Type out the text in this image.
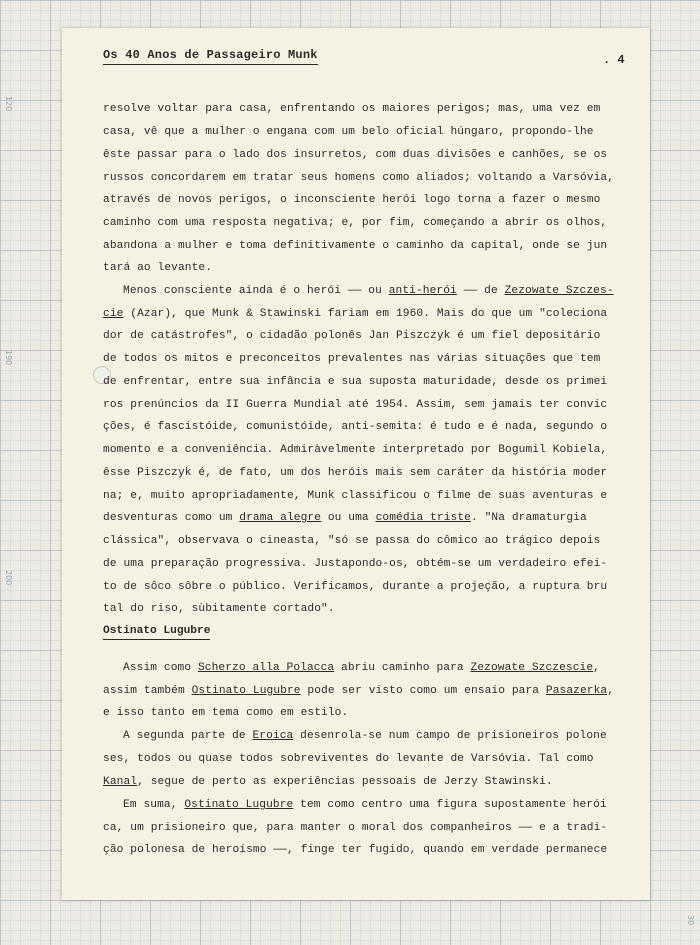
120
190
200
30
Os 40 Anos de Passageiro Munk	. 4
resolve voltar para casa, enfrentando os maiores perigos; mas, uma vez em
casa, vê que a mulher o engana com um belo oficial húngaro, propondo-lhe
êste passar para o lado dos insurretos, com duas divisões e canhões, se os
russos concordarem em tratar seus homens como aliados; voltando a Varsóvia,
através de novos perigos, o inconsciente herói logo torna a fazer o mesmo
caminho com uma resposta negativa; e, por fim, começando a abrir os olhos,
abandona a mulher e toma definitivamente o caminho da capital, onde se jun
tará ao levante.
Menos consciente ainda é o herói —— ou anti-herói —— de Zezowate Szczes-
cie (Azar), que Munk & Stawinski fariam em 1960. Mais do que um "coleciona
dor de catástrofes", o cidadão polonês Jan Piszczyk é um fiel depositário
de todos os mitos e preconceitos prevalentes nas várias situações que tem
de enfrentar, entre sua infância e sua suposta maturidade, desde os primei
ros prenúncios da II Guerra Mundial até 1954. Assim, sem jamais ter convic
ções, é fascistóide, comunistóide, anti-semita: é tudo e é nada, segundo o
momento e a conveniência. Admiràvelmente interpretado por Bogumil Kobiela,
êsse Piszczyk é, de fato, um dos heróis mais sem caráter da história moder
na; e, muito apropriadamente, Munk classificou o filme de suas aventuras e
desventuras como um drama alegre ou uma comédia triste. "Na dramaturgia
clássica", observava o cineasta, "só se passa do cômico ao trágico depois
de uma preparação progressiva. Justapondo-os, obtém-se um verdadeiro efei-
to de sôco sôbre o público. Verificamos, durante a projeção, a ruptura bru
tal do riso, sùbitamente cortado".
Ostinato Lugubre
Assim como Scherzo alla Polacca abriu caminho para Zezowate Szczescie,
assim também Ostinato Lugubre pode ser visto como um ensaio para Pasazerka,
e isso tanto em tema como em estilo.
A segunda parte de Eroica desenrola-se num campo de prisioneiros polone
ses, todos ou quase todos sobreviventes do levante de Varsóvia. Tal como
Kanal, segue de perto as experiências pessoais de Jerzy Stawinski.
Em suma, Ostinato Lugubre tem como centro uma figura supostamente herói
ca, um prisioneiro que, para manter o moral dos companheiros —— e a tradi-
ção polonesa de heroísmo ——, finge ter fugido, quando em verdade permanece
